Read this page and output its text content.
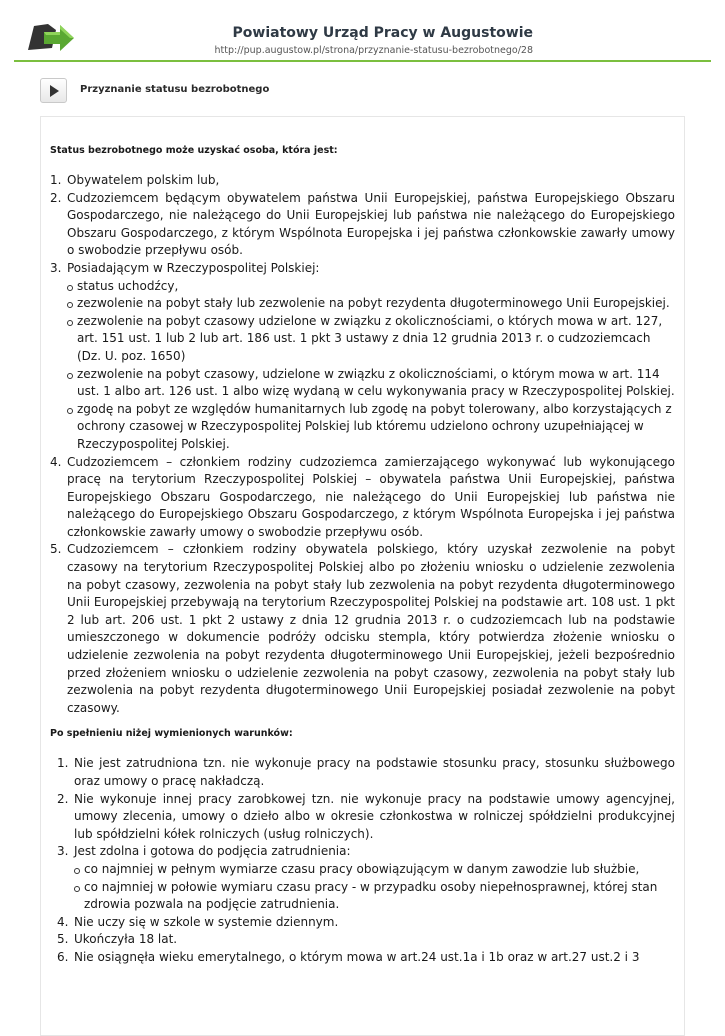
Powiatowy Urząd Pracy w Augustowie
http://pup.augustow.pl/strona/przyznanie-statusu-bezrobotnego/28
Przyznanie statusu bezrobotnego

Status bezrobotnego może uzyskać osoba, która jest:

1. Obywatelem polskim lub,
2. Cudzoziemcem będącym obywatelem państwa Unii Europejskiej, państwa Europejskiego Obszaru Gospodarczego, nie należącego do Unii Europejskiej lub państwa nie należącego do Europejskiego Obszaru Gospodarczego, z którym Wspólnota Europejska i jej państwa członkowskie zawarły umowy o swobodzie przepływu osób.
3. Posiadającym w Rzeczypospolitej Polskiej:
status uchodźcy,
zezwolenie na pobyt stały lub zezwolenie na pobyt rezydenta długoterminowego Unii Europejskiej.
zezwolenie na pobyt czasowy udzielone w związku z okolicznościami, o których mowa w art. 127, art. 151 ust. 1 lub 2 lub art. 186 ust. 1 pkt 3 ustawy z dnia 12 grudnia 2013 r. o cudzoziemcach (Dz. U. poz. 1650)
zezwolenie na pobyt czasowy, udzielone w związku z okolicznościami, o którym mowa w art. 114 ust. 1 albo art. 126 ust. 1 albo wizę wydaną w celu wykonywania pracy w Rzeczypospolitej Polskiej.
zgodę na pobyt ze względów humanitarnych lub zgodę na pobyt tolerowany, albo korzystających z ochrony czasowej w Rzeczypospolitej Polskiej lub któremu udzielono ochrony uzupełniającej w Rzeczypospolitej Polskiej.
4. Cudzoziemcem – członkiem rodziny cudzoziemca zamierzającego wykonywać lub wykonującego pracę na terytorium Rzeczypospolitej Polskiej – obywatela państwa Unii Europejskiej, państwa Europejskiego Obszaru Gospodarczego, nie należącego do Unii Europejskiej lub państwa nie należącego do Europejskiego Obszaru Gospodarczego, z którym Wspólnota Europejska i jej państwa członkowskie zawarły umowy o swobodzie przepływu osób.
5. Cudzoziemcem – członkiem rodziny obywatela polskiego, który uzyskał zezwolenie na pobyt czasowy na terytorium Rzeczypospolitej Polskiej albo po złożeniu wniosku o udzielenie zezwolenia na pobyt czasowy, zezwolenia na pobyt stały lub zezwolenia na pobyt rezydenta długoterminowego Unii Europejskiej przebywają na terytorium Rzeczypospolitej Polskiej na podstawie art. 108 ust. 1 pkt 2 lub art. 206 ust. 1 pkt 2 ustawy z dnia 12 grudnia 2013 r. o cudzoziemcach lub na podstawie umieszczonego w dokumencie podróży odcisku stempla, który potwierdza złożenie wniosku o udzielenie zezwolenia na pobyt rezydenta długoterminowego Unii Europejskiej, jeżeli bezpośrednio przed złożeniem wniosku o udzielenie zezwolenia na pobyt czasowy, zezwolenia na pobyt stały lub zezwolenia na pobyt rezydenta długoterminowego Unii Europejskiej posiadał zezwolenie na pobyt czasowy.

Po spełnieniu niżej wymienionych warunków:

1. Nie jest zatrudniona tzn. nie wykonuje pracy na podstawie stosunku pracy, stosunku służbowego oraz umowy o pracę nakładczą.
2. Nie wykonuje innej pracy zarobkowej tzn. nie wykonuje pracy na podstawie umowy agencyjnej, umowy zlecenia, umowy o dzieło albo w okresie członkostwa w rolniczej spółdzielni produkcyjnej lub spółdzielni kółek rolniczych (usług rolniczych).
3. Jest zdolna i gotowa do podjęcia zatrudnienia:
co najmniej w pełnym wymiarze czasu pracy obowiązującym w danym zawodzie lub służbie,
co najmniej w połowie wymiaru czasu pracy - w przypadku osoby niepełnosprawnej, której stan zdrowia pozwala na podjęcie zatrudnienia.
4. Nie uczy się w szkole w systemie dziennym.
5. Ukończyła 18 lat.
6. Nie osiągnęła wieku emerytalnego, o którym mowa w art.24 ust.1a i 1b oraz w art.27 ust.2 i 3
